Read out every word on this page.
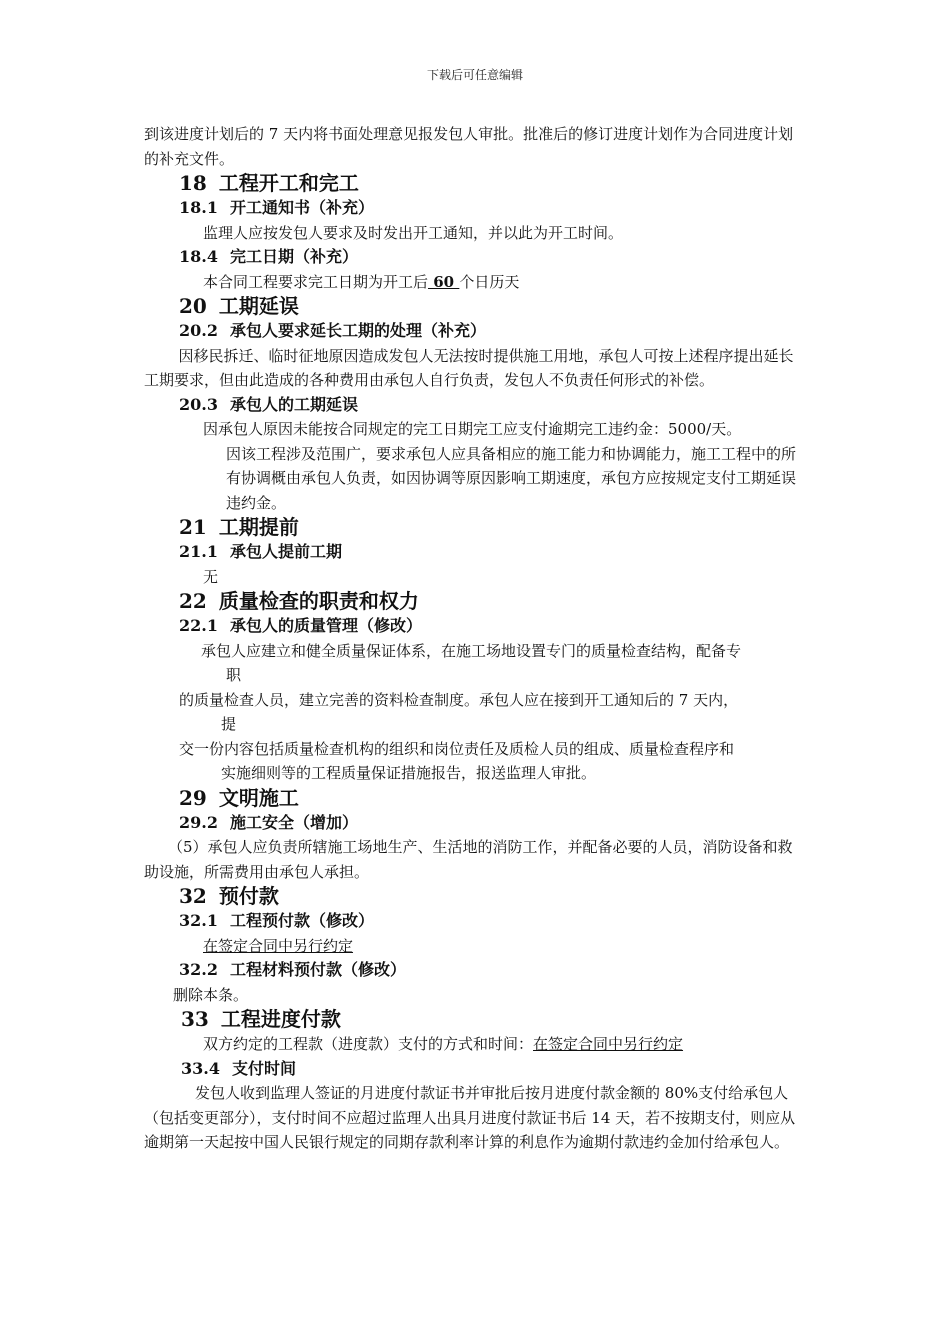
下载后可任意编辑

到该进度计划后的 7 天内将书面处理意见报发包人审批。批准后的修订进度计划作为合同进度计划的补充文件。

18 工程开工和完工

18.1 开工通知书（补充）

监理人应按发包人要求及时发出开工通知，并以此为开工时间。

18.4 完工日期（补充）

本合同工程要求完工日期为开工后 60 个日历天

20 工期延误

20.2 承包人要求延长工期的处理（补充）

因移民拆迁、临时征地原因造成发包人无法按时提供施工用地，承包人可按上述程序提出延长工期要求，但由此造成的各种费用由承包人自行负责，发包人不负责任何形式的补偿。

20.3 承包人的工期延误

因承包人原因未能按合同规定的完工日期完工应支付逾期完工违约金：5000/天。

因该工程涉及范围广，要求承包人应具备相应的施工能力和协调能力，施工工程中的所有协调概由承包人负责，如因协调等原因影响工期速度，承包方应按规定支付工期延误违约金。

21 工期提前

21.1 承包人提前工期

无

22 质量检查的职责和权力

22.1 承包人的质量管理（修改）

承包人应建立和健全质量保证体系，在施工场地设置专门的质量检查结构，配备专

职

的质量检查人员，建立完善的资料检查制度。承包人应在接到开工通知后的 7 天内，

提

交一份内容包括质量检查机构的组织和岗位责任及质检人员的组成、质量检查程序和

实施细则等的工程质量保证措施报告，报送监理人审批。

29 文明施工

29.2 施工安全（增加）

（5）承包人应负责所辖施工场地生产、生活地的消防工作，并配备必要的人员，消防设备和救助设施，所需费用由承包人承担。

32 预付款

32.1 工程预付款（修改）

在签定合同中另行约定

32.2 工程材料预付款（修改）

删除本条。

33 工程进度付款

双方约定的工程款（进度款）支付的方式和时间：在签定合同中另行约定

33.4 支付时间

发包人收到监理人签证的月进度付款证书并审批后按月进度付款金额的 80%支付给承包人（包括变更部分），支付时间不应超过监理人出具月进度付款证书后 14 天，若不按期支付，则应从逾期第一天起按中国人民银行规定的同期存款利率计算的利息作为逾期付款违约金加付给承包人。
